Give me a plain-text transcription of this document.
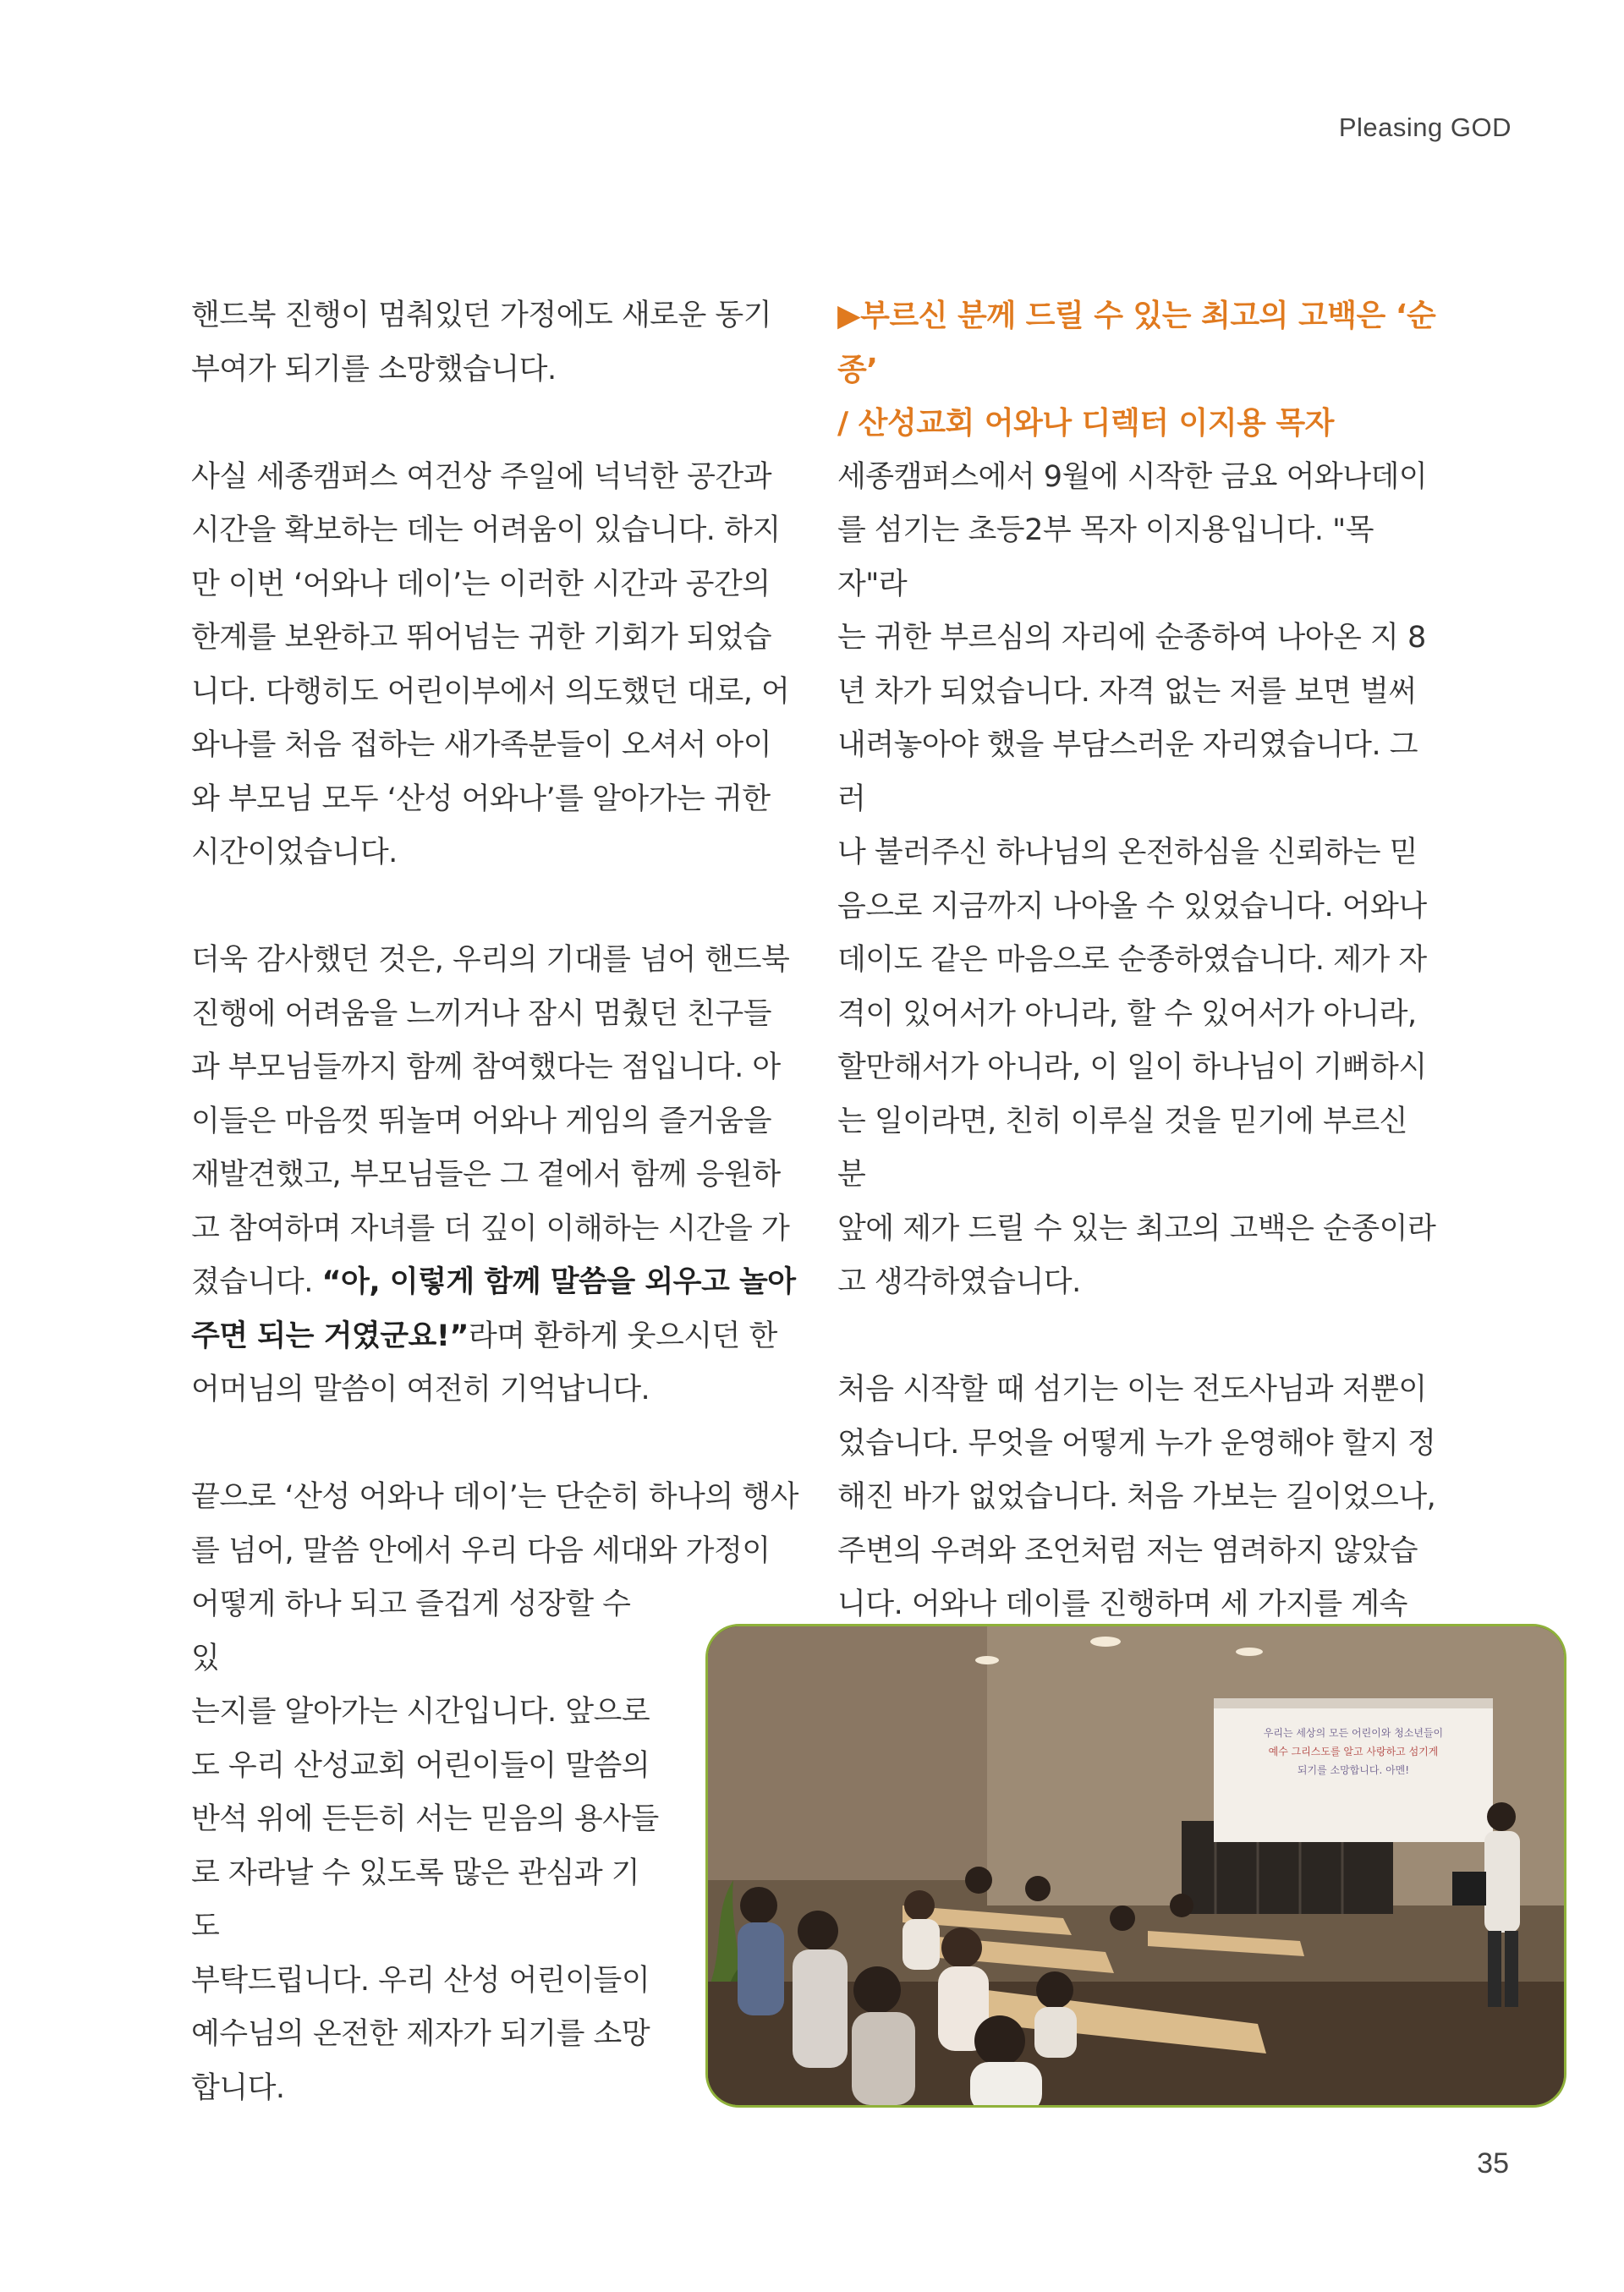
Pleasing GOD

핸드북 진행이 멈춰있던 가정에도 새로운 동기
부여가 되기를 소망했습니다.

사실 세종캠퍼스 여건상 주일에 넉넉한 공간과
시간을 확보하는 데는 어려움이 있습니다. 하지
만 이번 ‘어와나 데이’는 이러한 시간과 공간의
한계를 보완하고 뛰어넘는 귀한 기회가 되었습
니다. 다행히도 어린이부에서 의도했던 대로, 어
와나를 처음 접하는 새가족분들이 오셔서 아이
와 부모님 모두 ‘산성 어와나’를 알아가는 귀한
시간이었습니다.

더욱 감사했던 것은, 우리의 기대를 넘어 핸드북
진행에 어려움을 느끼거나 잠시 멈췄던 친구들
과 부모님들까지 함께 참여했다는 점입니다. 아
이들은 마음껏 뛰놀며 어와나 게임의 즐거움을
재발견했고, 부모님들은 그 곁에서 함께 응원하
고 참여하며 자녀를 더 깊이 이해하는 시간을 가
졌습니다. “아, 이렇게 함께 말씀을 외우고 놀아
주면 되는 거였군요!”라며 환하게 웃으시던 한
어머님의 말씀이 여전히 기억납니다.

끝으로 ‘산성 어와나 데이’는 단순히 하나의 행사
를 넘어, 말씀 안에서 우리 다음 세대와 가정이

어떻게 하나 되고 즐겁게 성장할 수 있
는지를 알아가는 시간입니다. 앞으로
도 우리 산성교회 어린이들이 말씀의
반석 위에 든든히 서는 믿음의 용사들
로 자라날 수 있도록 많은 관심과 기도
부탁드립니다. 우리 산성 어린이들이
예수님의 온전한 제자가 되기를 소망
합니다.

▶부르신 분께 드릴 수 있는 최고의 고백은 ‘순종’
/ 산성교회 어와나 디렉터 이지용 목자

세종캠퍼스에서 9월에 시작한 금요 어와나데이
를 섬기는 초등2부 목자 이지용입니다. "목자"라
는 귀한 부르심의 자리에 순종하여 나아온 지 8
년 차가 되었습니다. 자격 없는 저를 보면 벌써
내려놓아야 했을 부담스러운 자리였습니다. 그러
나 불러주신 하나님의 온전하심을 신뢰하는 믿
음으로 지금까지 나아올 수 있었습니다. 어와나
데이도 같은 마음으로 순종하였습니다. 제가 자
격이 있어서가 아니라, 할 수 있어서가 아니라,
할만해서가 아니라, 이 일이 하나님이 기뻐하시
는 일이라면, 친히 이루실 것을 믿기에 부르신 분
앞에 제가 드릴 수 있는 최고의 고백은 순종이라
고 생각하였습니다.

처음 시작할 때 섬기는 이는 전도사님과 저뿐이
었습니다. 무엇을 어떻게 누가 운영해야 할지 정
해진 바가 없었습니다. 처음 가보는 길이었으나,
주변의 우려와 조언처럼 저는 염려하지 않았습
니다. 어와나 데이를 진행하며 세 가지를 계속

우리는 세상의 모든 어린이와 청소년들이
예수 그리스도를 알고 사랑하고 섬기게
되기를 소망합니다. 아멘!
35
